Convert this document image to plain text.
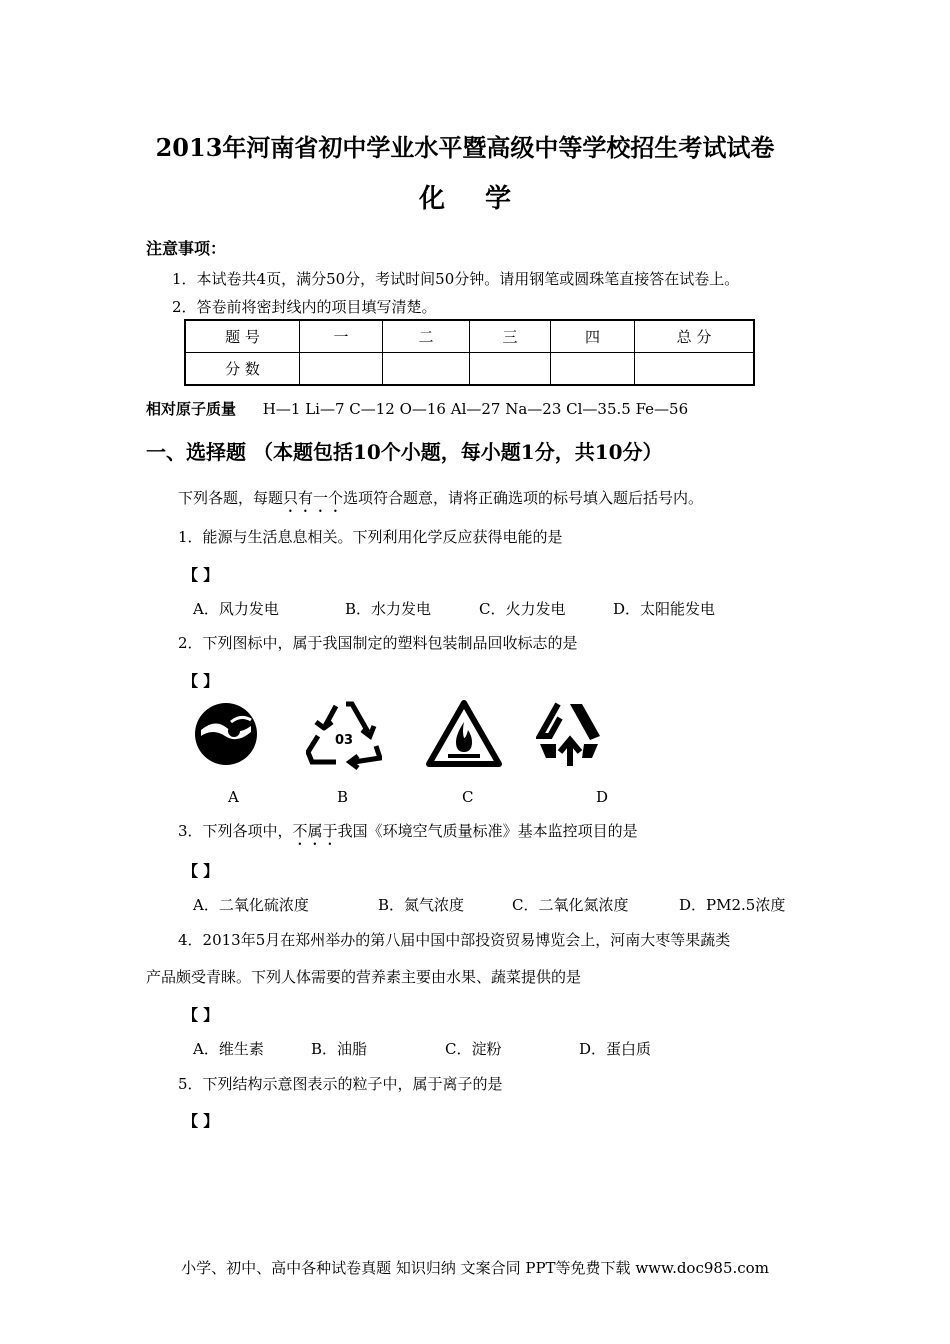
2013年河南省初中学业水平暨高级中等学校招生考试试卷
化学
注意事项：
1．本试卷共4页，满分50分，考试时间50分钟。请用钢笔或圆珠笔直接答在试卷上。
2．答卷前将密封线内的项目填写清楚。
题 号	一	二	三	四	总 分
分 数					
相对原子质量 H—1 Li—7 C—12 O—16 Al—27 Na—23 Cl—35.5 Fe—56
一、选择题 （本题包括10个小题，每小题1分，共10分）
下列各题，每题只有一个选项符合题意，请将正确选项的标号填入题后括号内。
1．能源与生活息息相关。下列利用化学反应获得电能的是
【 】
A．风力发电	B．水力发电	C．火力发电	D．太阳能发电
2．下列图标中，属于我国制定的塑料包装制品回收标志的是
【 】
03
A	B	C	D
3．下列各项中，不属于我国《环境空气质量标准》基本监控项目的是
【 】
A．二氧化硫浓度	B．氮气浓度	C．二氧化氮浓度	D．PM2.5浓度
4．2013年5月在郑州举办的第八届中国中部投资贸易博览会上，河南大枣等果蔬类
产品颇受青睐。下列人体需要的营养素主要由水果、蔬菜提供的是
【 】
A．维生素	B．油脂	C．淀粉	D．蛋白质
5．下列结构示意图表示的粒子中，属于离子的是
【 】
小学、初中、高中各种试卷真题 知识归纳 文案合同 PPT等免费下载 www.doc985.com
